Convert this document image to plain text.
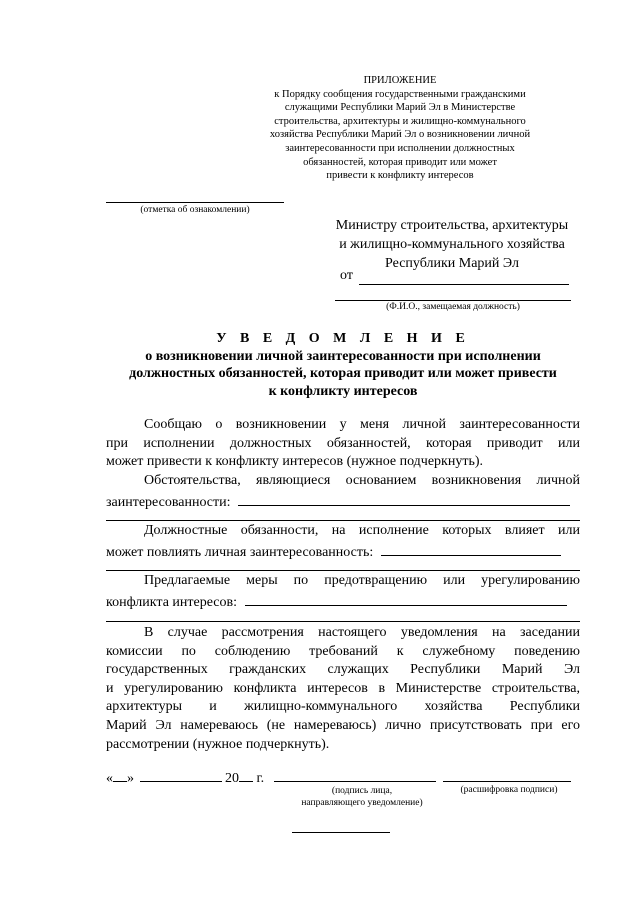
ПРИЛОЖЕНИЕ
к Порядку сообщения государственными гражданскими
служащими Республики Марий Эл в Министерстве
строительства, архитектуры и жилищно-коммунального
хозяйства Республики Марий Эл о возникновении личной
заинтересованности при исполнении должностных
обязанностей, которая приводит или может
привести к конфликту интересов
(отметка об ознакомлении)
Министру строительства, архитектуры
и жилищно-коммунального хозяйства
Республики Марий Эл
от
(Ф.И.О., замещаемая должность)
У В Е Д О М Л Е Н И Е
о возникновении личной заинтересованности при исполнении
должностных обязанностей, которая приводит или может привести
к конфликту интересов
Сообщаю о возникновении у меня личной заинтересованности
при исполнении должностных обязанностей, которая приводит или
может привести к конфликту интересов (нужное подчеркнуть).
Обстоятельства, являющиеся основанием возникновения личной
заинтересованности:
Должностные обязанности, на исполнение которых влияет или
может повлиять личная заинтересованность:
Предлагаемые меры по предотвращению или урегулированию
конфликта интересов:
В случае рассмотрения настоящего уведомления на заседании
комиссии по соблюдению требований к служебному поведению
государственных гражданских служащих Республики Марий Эл
и урегулированию конфликта интересов в Министерстве строительства,
архитектуры и жилищно-коммунального хозяйства Республики
Марий Эл намереваюсь (не намереваюсь) лично присутствовать при его
рассмотрении (нужное подчеркнуть).
« »	20 г.
(подпись лица,
направляющего уведомление)
(расшифровка подписи)
